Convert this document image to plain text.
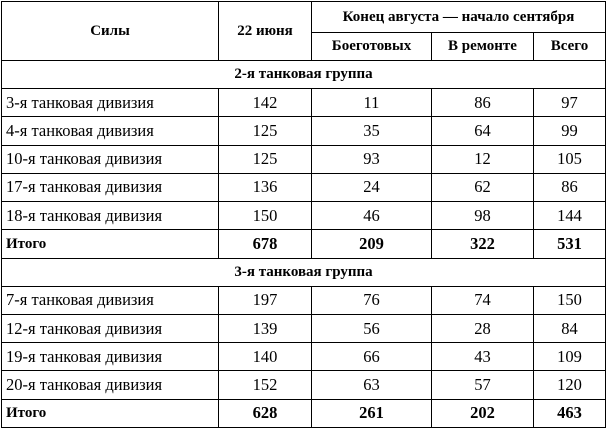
Силы	22 июня	Конец августа — начало сентября		
		Боеготовых	В ремонте	Всего
2-я танковая группа				
3-я танковая дивизия	142	11	86	97
4-я танковая дивизия	125	35	64	99
10-я танковая дивизия	125	93	12	105
17-я танковая дивизия	136	24	62	86
18-я танковая дивизия	150	46	98	144
Итого	678	209	322	531
3-я танковая группа				
7-я танковая дивизия	197	76	74	150
12-я танковая дивизия	139	56	28	84
19-я танковая дивизия	140	66	43	109
20-я танковая дивизия	152	63	57	120
Итого	628	261	202	463
